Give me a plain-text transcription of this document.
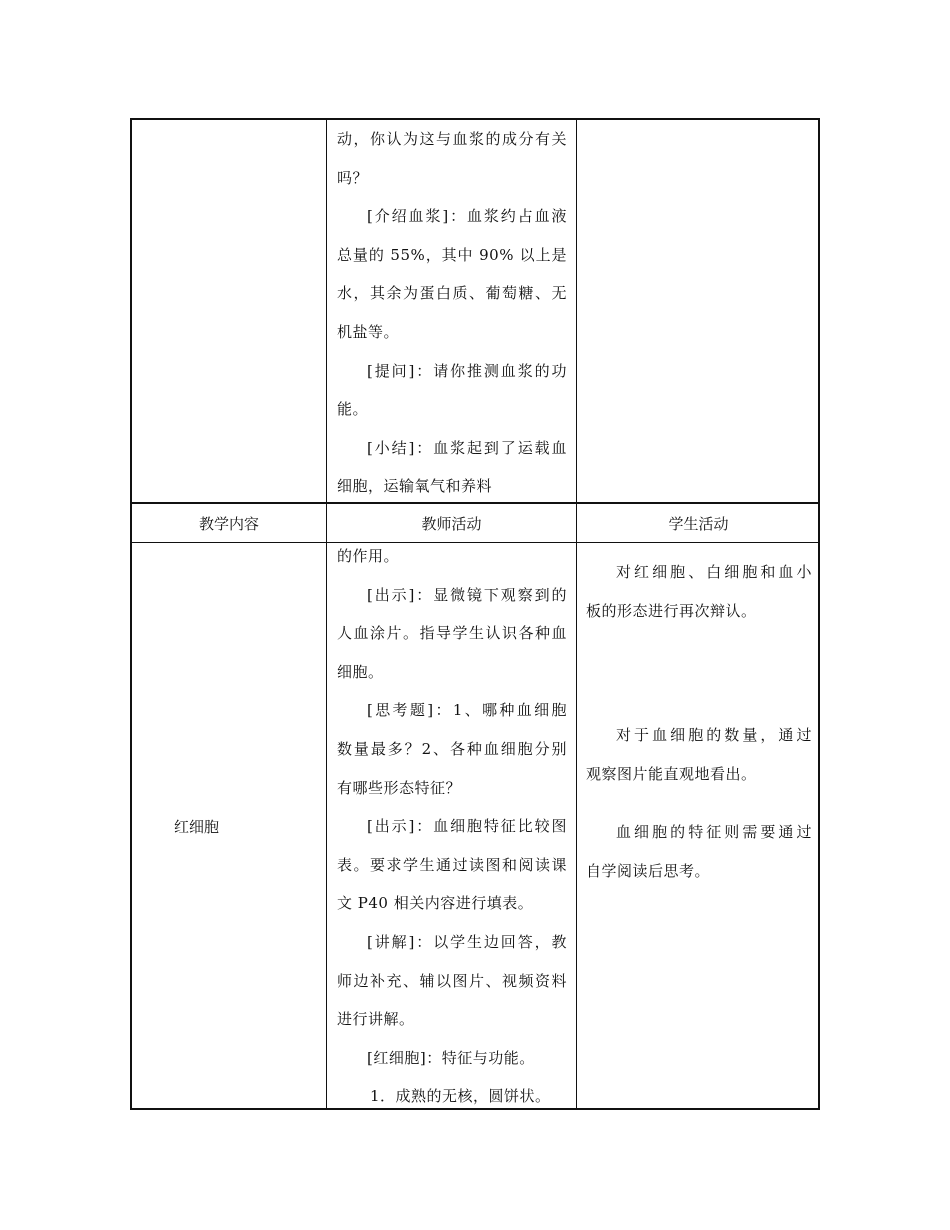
动，你认为这与血浆的成分有关

吗？

[介绍血浆]：血浆约占血液

总量的 55%，其中 90% 以上是

水，其余为蛋白质、葡萄糖、无

机盐等。

[提问]：请你推测血浆的功

能。

[小结]：血浆起到了运载血

细胞，运输氧气和养料

教学内容	教师活动	学生活动
红细胞

的作用。

[出示]：显微镜下观察到的

人血涂片。指导学生认识各种血

细胞。

[思考题]：1、哪种血细胞

数量最多？2、各种血细胞分别

有哪些形态特征？

[出示]：血细胞特征比较图

表。要求学生通过读图和阅读课

文 P40 相关内容进行填表。

[讲解]：以学生边回答，教

师边补充、辅以图片、视频资料

进行讲解。

[红细胞]：特征与功能。

1．成熟的无核，圆饼状。

对红细胞、白细胞和血小

板的形态进行再次辩认。

对于血细胞的数量，通过

观察图片能直观地看出。

血细胞的特征则需要通过

自学阅读后思考。
